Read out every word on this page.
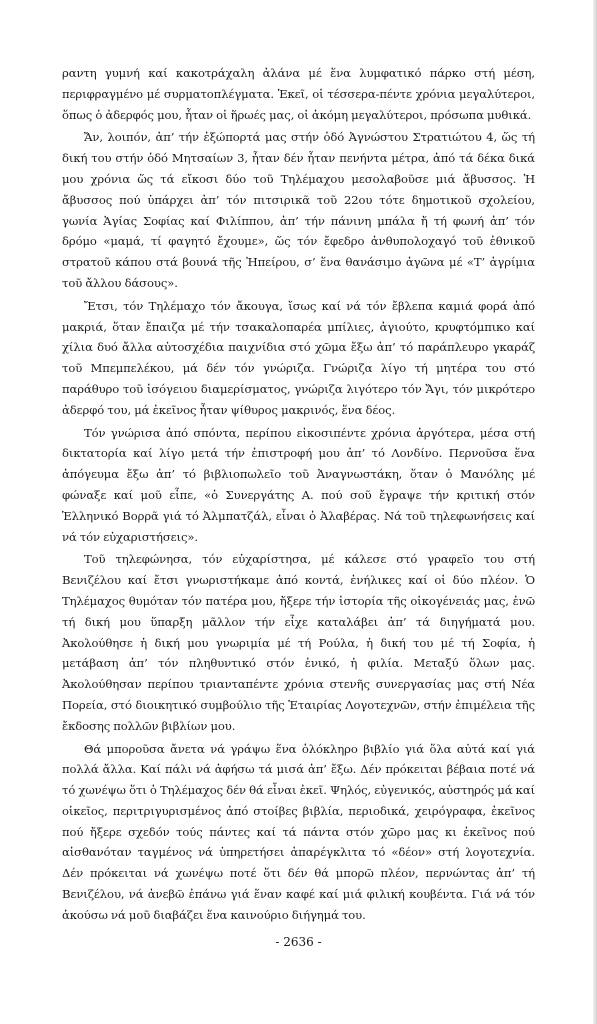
ραντη γυμνή καί κακοτράχαλη ἀλάνα μέ ἕνα λυμφατικό πάρκο στή μέση, περιφραγμένο μέ συρματοπλέγματα. Ἐκεῖ, οἱ τέσσερα-πέντε χρόνια μεγαλύτεροι, ὅπως ὁ ἀδερφός μου, ἦταν οἱ ἥρωές μας, οἱ ἀκόμη μεγαλύτεροι, πρόσωπα μυθικά.

Ἄν, λοιπόν, ἀπ’ τήν ἐξώπορτά μας στήν ὁδό Ἀγνώστου Στρατιώτου 4, ὥς τή δική του στήν ὁδό Μητσαίων 3, ἦταν δέν ἦταν πενήντα μέτρα, ἀπό τά δέκα δικά μου χρόνια ὥς τά εἴκοσι δύο τοῦ Τηλέμαχου μεσολαβοῦσε μιά ἄβυσσος. Ἡ ἄβυσσος πού ὑπάρχει ἀπ’ τόν πιτσιρικᾶ τοῦ 22ου τότε δημοτικοῦ σχολείου, γωνία Ἁγίας Σοφίας καί Φιλίππου, ἀπ’ τήν πάνινη μπάλα ἤ τή φωνή ἀπ’ τόν δρόμο «μαμά, τί φαγητό ἔχουμε», ὥς τόν ἔφεδρο ἀνθυπολοχαγό τοῦ ἐθνικοῦ στρατοῦ κάπου στά βουνά τῆς Ἠπείρου, σ’ ἕνα θανάσιμο ἀγῶνα μέ «Τ’ ἀγρίμια τοῦ ἄλλου δάσους».

Ἔτσι, τόν Τηλέμαχο τόν ἄκουγα, ἴσως καί νά τόν ἔβλεπα καμιά φορά ἀπό μακριά, ὅταν ἔπαιζα μέ τήν τσακαλοπαρέα μπίλιες, ἀγιούτο, κρυφτόμπικο καί χίλια δυό ἄλλα αὐτοσχέδια παιχνίδια στό χῶμα ἔξω ἀπ’ τό παράπλευρο γκαράζ τοῦ Μπεμπελέκου, μά δέν τόν γνώριζα. Γνώριζα λίγο τή μητέρα του στό παράθυρο τοῦ ἰσόγειου διαμερίσματος, γνώριζα λιγότερο τόν Ἄγι, τόν μικρότερο ἀδερφό του, μά ἐκεῖνος ἦταν ψίθυρος μακρινός, ἕνα δέος.

Τόν γνώρισα ἀπό σπόντα, περίπου εἰκοσιπέντε χρόνια ἀργότερα, μέσα στή δικτατορία καί λίγο μετά τήν ἐπιστροφή μου ἀπ’ τό Λονδίνο. Περνοῦσα ἕνα ἀπόγευμα ἔξω ἀπ’ τό βιβλιοπωλεῖο τοῦ Ἀναγνωστάκη, ὅταν ὁ Μανόλης μέ φώναξε καί μοῦ εἶπε, «ὁ Συνεργάτης Α. πού σοῦ ἔγραψε τήν κριτική στόν Ἑλληνικό Βορρᾶ γιά τό Ἀλμπατζάλ, εἶναι ὁ Ἀλαβέρας. Νά τοῦ τηλεφωνήσεις καί νά τόν εὐχαριστήσεις».

Τοῦ τηλεφώνησα, τόν εὐχαρίστησα, μέ κάλεσε στό γραφεῖο του στή Βενιζέλου καί ἔτσι γνωριστήκαμε ἀπό κοντά, ἐνήλικες καί οἱ δύο πλέον. Ὁ Τηλέμαχος θυμόταν τόν πατέρα μου, ἤξερε τήν ἱστορία τῆς οἰκογένειάς μας, ἐνῶ τή δική μου ὕπαρξη μᾶλλον τήν εἶχε καταλάβει ἀπ’ τά διηγήματά μου. Ἀκολούθησε ἡ δική μου γνωριμία μέ τή Ρούλα, ἡ δική του μέ τή Σοφία, ἡ μετάβαση ἀπ’ τόν πληθυντικό στόν ἑνικό, ἡ φιλία. Μεταξύ ὅλων μας. Ἀκολούθησαν περίπου τριανταπέντε χρόνια στενῆς συνεργασίας μας στή Νέα Πορεία, στό διοικητικό συμβούλιο τῆς Ἑταιρίας Λογοτεχνῶν, στήν ἐπιμέλεια τῆς ἔκδοσης πολλῶν βιβλίων μου.

Θά μποροῦσα ἄνετα νά γράψω ἕνα ὁλόκληρο βιβλίο γιά ὅλα αὐτά καί γιά πολλά ἄλλα. Καί πάλι νά ἀφήσω τά μισά ἀπ’ ἔξω. Δέν πρόκειται βέβαια ποτέ νά τό χωνέψω ὅτι ὁ Τηλέμαχος δέν θά εἶναι ἐκεῖ. Ψηλός, εὐγενικός, αὐστηρός μά καί οἰκεῖος, περιτριγυρισμένος ἀπό στοίβες βιβλία, περιοδικά, χειρόγραφα, ἐκεῖνος πού ἤξερε σχεδόν τούς πάντες καί τά πάντα στόν χῶρο μας κι ἐκεῖνος πού αἰσθανόταν ταγμένος νά ὑπηρετήσει ἀπαρέγκλιτα τό «δέον» στή λογοτεχνία. Δέν πρόκειται νά χωνέψω ποτέ ὅτι δέν θά μπορῶ πλέον, περνώντας ἀπ’ τή Βενιζέλου, νά ἀνεβῶ ἐπάνω γιά ἕναν καφέ καί μιά φιλική κουβέντα. Γιά νά τόν ἀκούσω νά μοῦ διαβάζει ἕνα καινούριο διήγημά του.

- 2636 -
